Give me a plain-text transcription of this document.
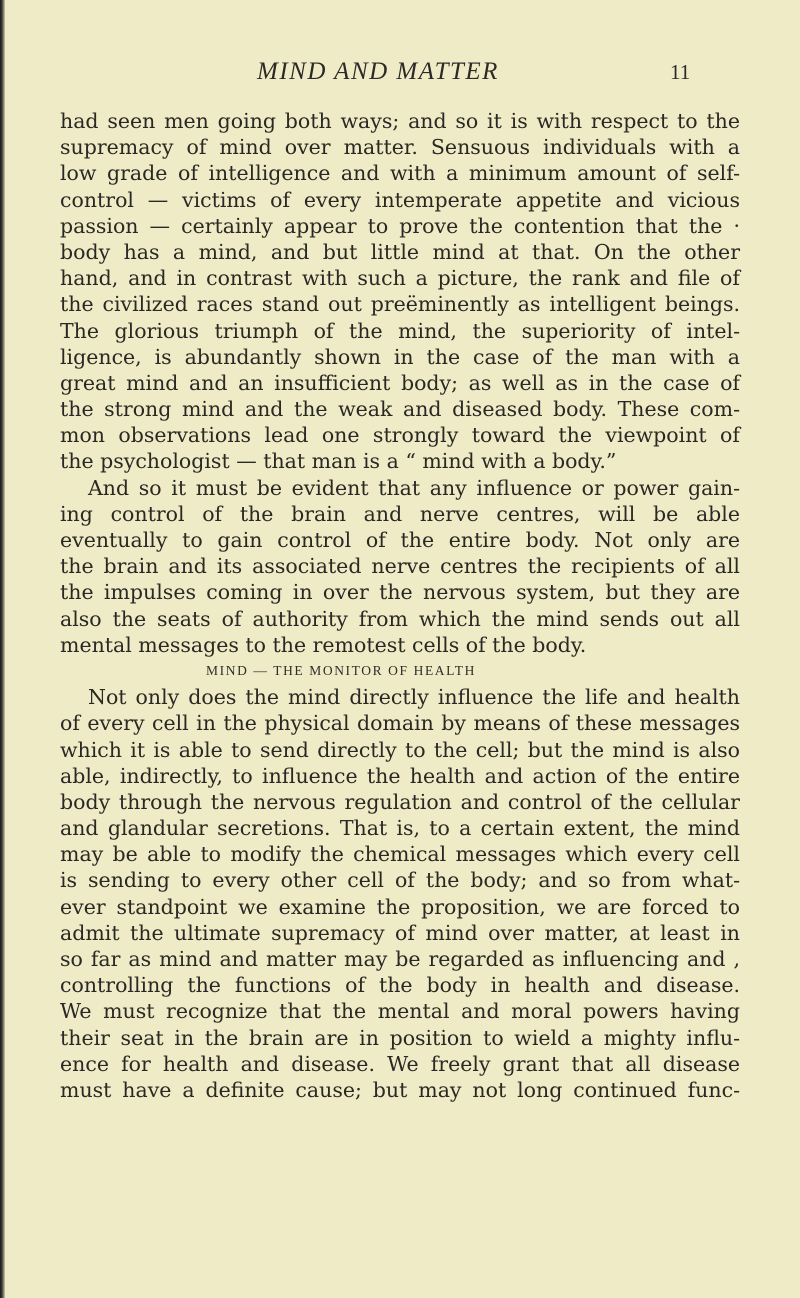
MIND AND MATTER	11
had seen men going both ways; and so it is with respect to the
supremacy of mind over matter. Sensuous individuals with a
low grade of intelligence and with a minimum amount of self-
control — victims of every intemperate appetite and vicious
passion — certainly appear to prove the contention that the ·
body has a mind, and but little mind at that. On the other
hand, and in contrast with such a picture, the rank and file of
the civilized races stand out preëminently as intelligent beings.
The glorious triumph of the mind, the superiority of intel-
ligence, is abundantly shown in the case of the man with a
great mind and an insufficient body; as well as in the case of
the strong mind and the weak and diseased body. These com-
mon observations lead one strongly toward the viewpoint of
the psychologist — that man is a “ mind with a body.”
And so it must be evident that any influence or power gain-
ing control of the brain and nerve centres, will be able
eventually to gain control of the entire body. Not only are
the brain and its associated nerve centres the recipients of all
the impulses coming in over the nervous system, but they are
also the seats of authority from which the mind sends out all
mental messages to the remotest cells of the body.
MIND — THE MONITOR OF HEALTH
Not only does the mind directly influence the life and health
of every cell in the physical domain by means of these messages
which it is able to send directly to the cell; but the mind is also
able, indirectly, to influence the health and action of the entire
body through the nervous regulation and control of the cellular
and glandular secretions. That is, to a certain extent, the mind
may be able to modify the chemical messages which every cell
is sending to every other cell of the body; and so from what-
ever standpoint we examine the proposition, we are forced to
admit the ultimate supremacy of mind over matter, at least in
so far as mind and matter may be regarded as influencing and ,
controlling the functions of the body in health and disease.
We must recognize that the mental and moral powers having
their seat in the brain are in position to wield a mighty influ-
ence for health and disease. We freely grant that all disease
must have a definite cause; but may not long continued func-
